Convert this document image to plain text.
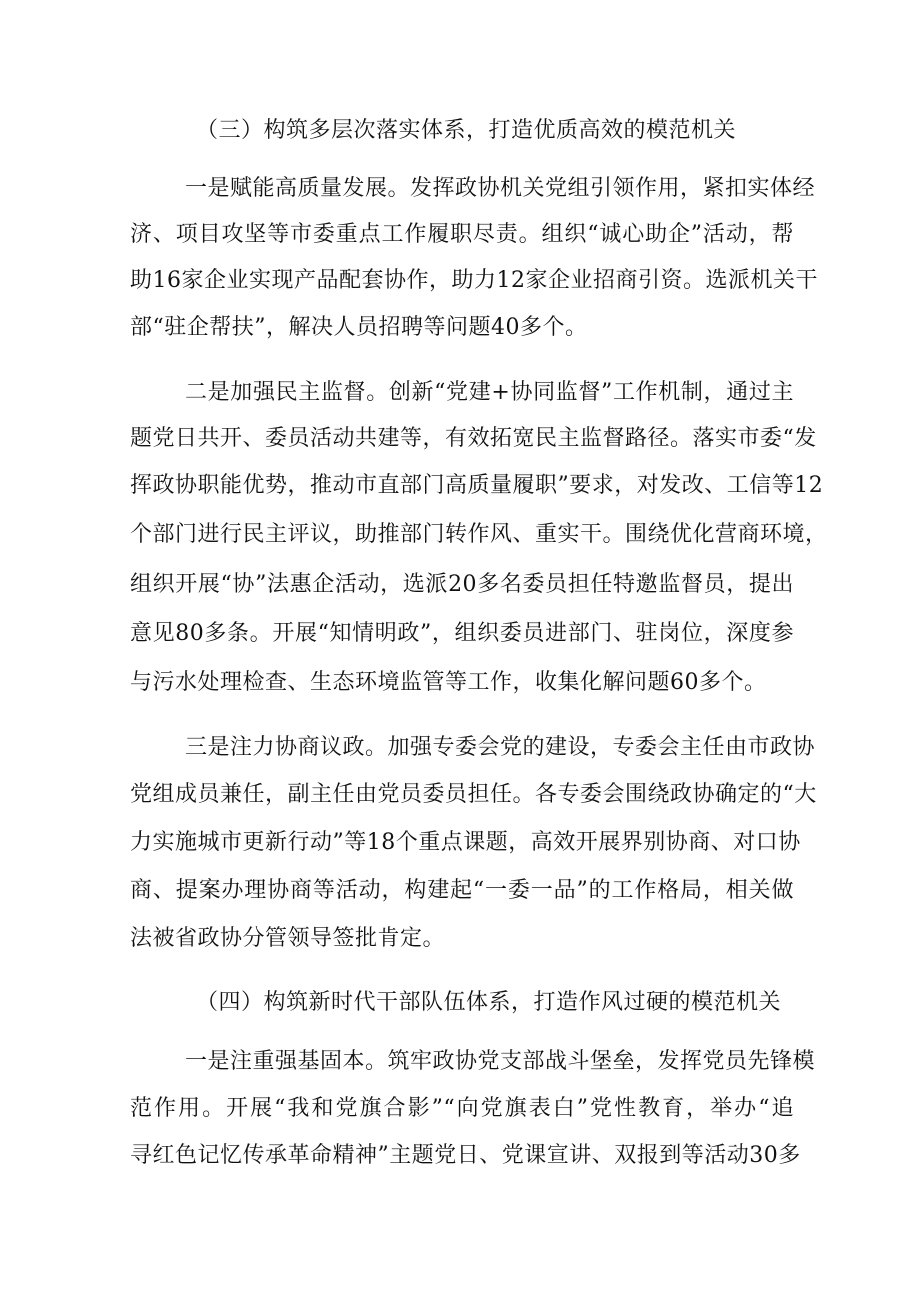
（三）构筑多层次落实体系，打造优质高效的模范机关
一是赋能高质量发展。发挥政协机关党组引领作用，紧扣实体经
济、项目攻坚等市委重点工作履职尽责。组织“诚心助企”活动，帮
助16家企业实现产品配套协作，助力12家企业招商引资。选派机关干
部“驻企帮扶”，解决人员招聘等问题40多个。
二是加强民主监督。创新“党建+协同监督”工作机制，通过主
题党日共开、委员活动共建等，有效拓宽民主监督路径。落实市委“发
挥政协职能优势，推动市直部门高质量履职”要求，对发改、工信等12
个部门进行民主评议，助推部门转作风、重实干。围绕优化营商环境，
组织开展“协”法惠企活动，选派20多名委员担任特邀监督员，提出
意见80多条。开展“知情明政”，组织委员进部门、驻岗位，深度参
与污水处理检查、生态环境监管等工作，收集化解问题60多个。
三是注力协商议政。加强专委会党的建设，专委会主任由市政协
党组成员兼任，副主任由党员委员担任。各专委会围绕政协确定的“大
力实施城市更新行动”等18个重点课题，高效开展界别协商、对口协
商、提案办理协商等活动，构建起“一委一品”的工作格局，相关做
法被省政协分管领导签批肯定。
（四）构筑新时代干部队伍体系，打造作风过硬的模范机关
一是注重强基固本。筑牢政协党支部战斗堡垒，发挥党员先锋模
范作用。开展“我和党旗合影”“向党旗表白”党性教育，举办“追
寻红色记忆传承革命精神”主题党日、党课宣讲、双报到等活动30多
